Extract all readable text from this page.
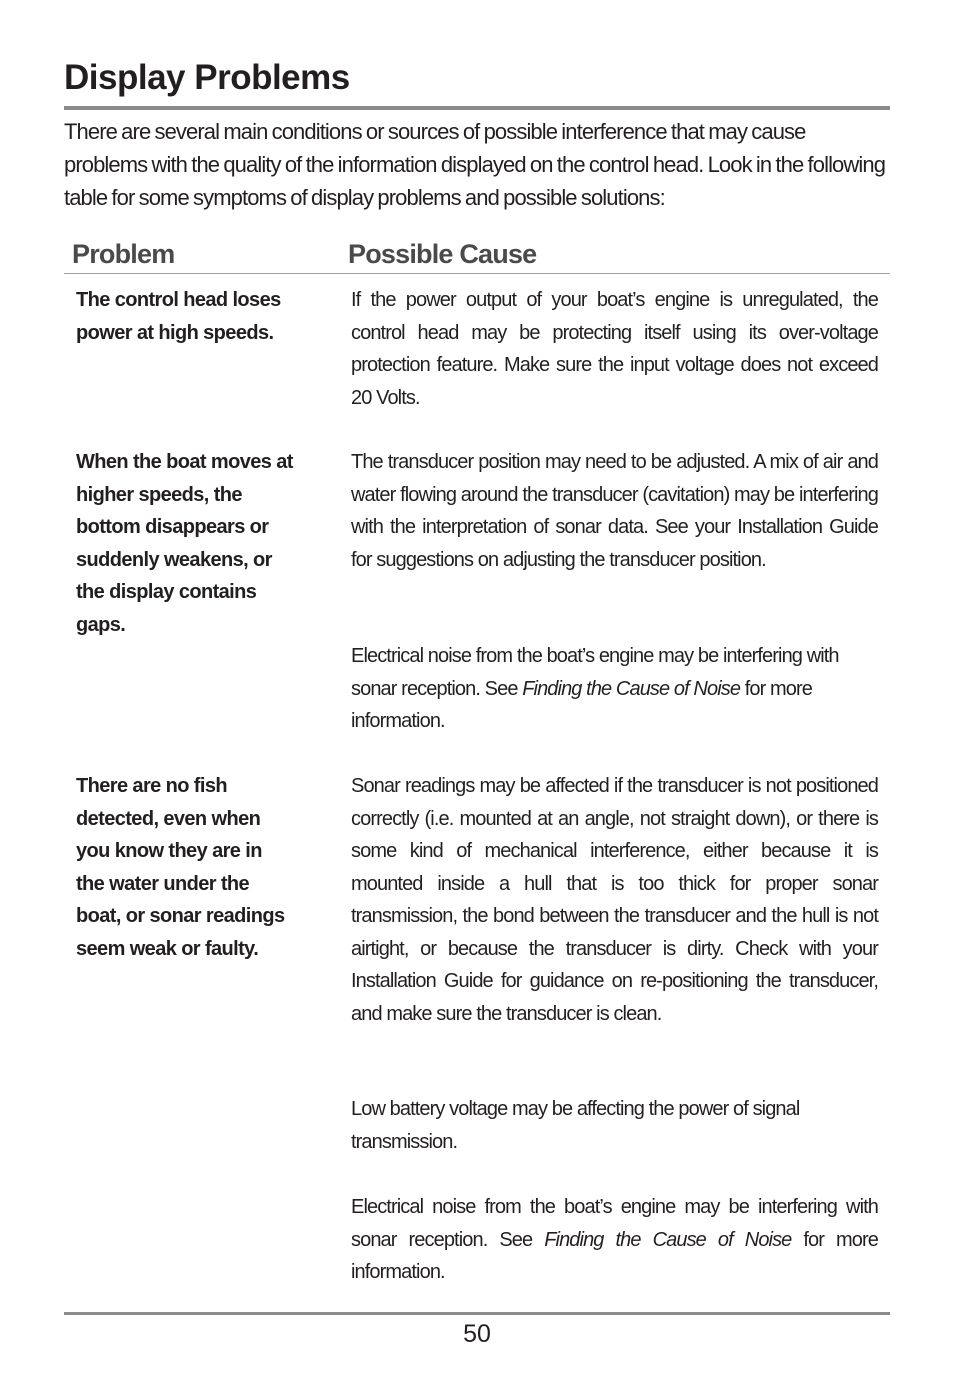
Display Problems

There are several main conditions or sources of possible interference that may cause problems with the quality of the information displayed on the control head. Look in the following table for some symptoms of display problems and possible solutions:

Problem	Possible Cause

The control head loses power at high speeds.

If the power output of your boat’s engine is unregulated, the control head may be protecting itself using its over-voltage protection feature. Make sure the input voltage does not exceed 20 Volts.

When the boat moves at higher speeds, the bottom disappears or suddenly weakens, or the display contains gaps.

The transducer position may need to be adjusted. A mix of air and water flowing around the transducer (cavitation) may be interfering with the interpretation of sonar data. See your Installation Guide for suggestions on adjusting the transducer position.

Electrical noise from the boat’s engine may be interfering with sonar reception. See Finding the Cause of Noise for more information.

There are no fish detected, even when you know they are in the water under the boat, or sonar readings seem weak or faulty.

Sonar readings may be affected if the transducer is not positioned correctly (i.e. mounted at an angle, not straight down), or there is some kind of mechanical interference, either because it is mounted inside a hull that is too thick for proper sonar transmission, the bond between the transducer and the hull is not airtight, or because the transducer is dirty. Check with your Installation Guide for guidance on re-positioning the transducer, and make sure the transducer is clean.

Low battery voltage may be affecting the power of signal transmission.

Electrical noise from the boat’s engine may be interfering with sonar reception. See Finding the Cause of Noise for more information.

50
